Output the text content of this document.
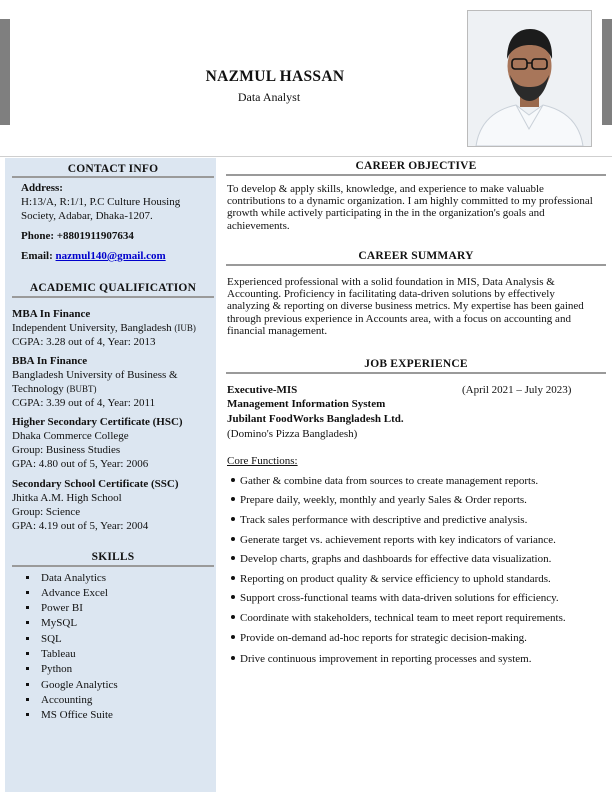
NAZMUL HASSAN
Data Analyst
CONTACT INFO
Address:
H:13/A, R:1/1, P.C Culture Housing
Society, Adabar, Dhaka-1207.
Phone: +8801911907634
Email: nazmul140@gmail.com
ACADEMIC QUALIFICATION
MBA In Finance
Independent University, Bangladesh (IUB)
CGPA: 3.28 out of 4, Year: 2013
BBA In Finance
Bangladesh University of Business &
Technology (BUBT)
CGPA: 3.39 out of 4, Year: 2011
Higher Secondary Certificate (HSC)
Dhaka Commerce College
Group: Business Studies
GPA: 4.80 out of 5, Year: 2006
Secondary School Certificate (SSC)
Jhitka A.M. High School
Group: Science
GPA: 4.19 out of 5, Year: 2004
SKILLS
Data Analytics
Advance Excel
Power BI
MySQL
SQL
Tableau
Python
Google Analytics
Accounting
MS Office Suite
CAREER OBJECTIVE
To develop & apply skills, knowledge, and experience to make valuable contributions to a dynamic organization. I am highly committed to my professional growth while actively participating in the in the organization's goals and achievements.
CAREER SUMMARY
Experienced professional with a solid foundation in MIS, Data Analysis & Accounting. Proficiency in facilitating data-driven solutions by effectively analyzing & reporting on diverse business metrics. My expertise has been gained through previous experience in Accounts area, with a focus on accounting and financial management.
JOB EXPERIENCE
Executive-MIS	(April 2021 – July 2023)
Management Information System
Jubilant FoodWorks Bangladesh Ltd.
(Domino's Pizza Bangladesh)
Core Functions:
Gather & combine data from sources to create management reports.
Prepare daily, weekly, monthly and yearly Sales & Order reports.
Track sales performance with descriptive and predictive analysis.
Generate target vs. achievement reports with key indicators of variance.
Develop charts, graphs and dashboards for effective data visualization.
Reporting on product quality & service efficiency to uphold standards.
Support cross-functional teams with data-driven solutions for efficiency.
Coordinate with stakeholders, technical team to meet report requirements.
Provide on-demand ad-hoc reports for strategic decision-making.
Drive continuous improvement in reporting processes and system.
